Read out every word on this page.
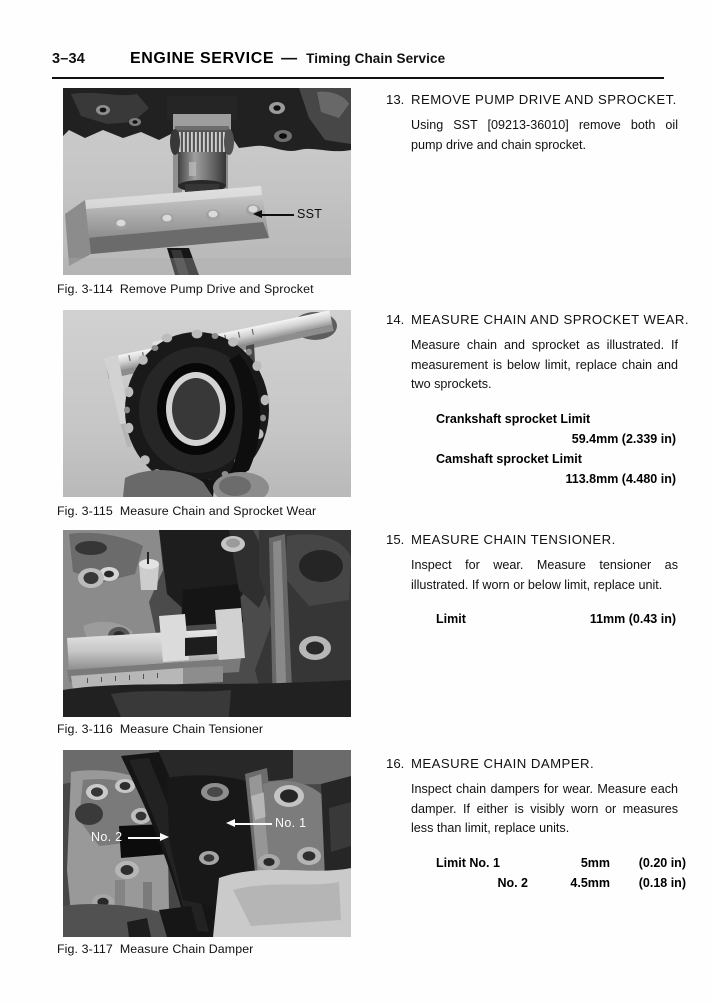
3–34	ENGINE SERVICE — Timing Chain Service
SST
Fig. 3-114 Remove Pump Drive and Sprocket
Fig. 3-115 Measure Chain and Sprocket Wear
Fig. 3-116 Measure Chain Tensioner
No. 1
No. 2
Fig. 3-117 Measure Chain Damper
13. REMOVE PUMP DRIVE AND SPROCKET.
Using SST [09213-36010] remove both oil pump drive and chain sprocket.
14. MEASURE CHAIN AND SPROCKET WEAR.
Measure chain and sprocket as illustrated. If measurement is below limit, replace chain and two sprockets.
Crankshaft sprocket Limit
59.4mm (2.339 in)
Camshaft sprocket Limit
113.8mm (4.480 in)
15. MEASURE CHAIN TENSIONER.
Inspect for wear. Measure tensioner as illustrated. If worn or below limit, replace unit.
Limit	11mm (0.43 in)
16. MEASURE CHAIN DAMPER.
Inspect chain dampers for wear. Measure each damper. If either is visibly worn or measures less than limit, replace units.
Limit No. 1	5mm	(0.20 in)
No. 2	4.5mm	(0.18 in)
